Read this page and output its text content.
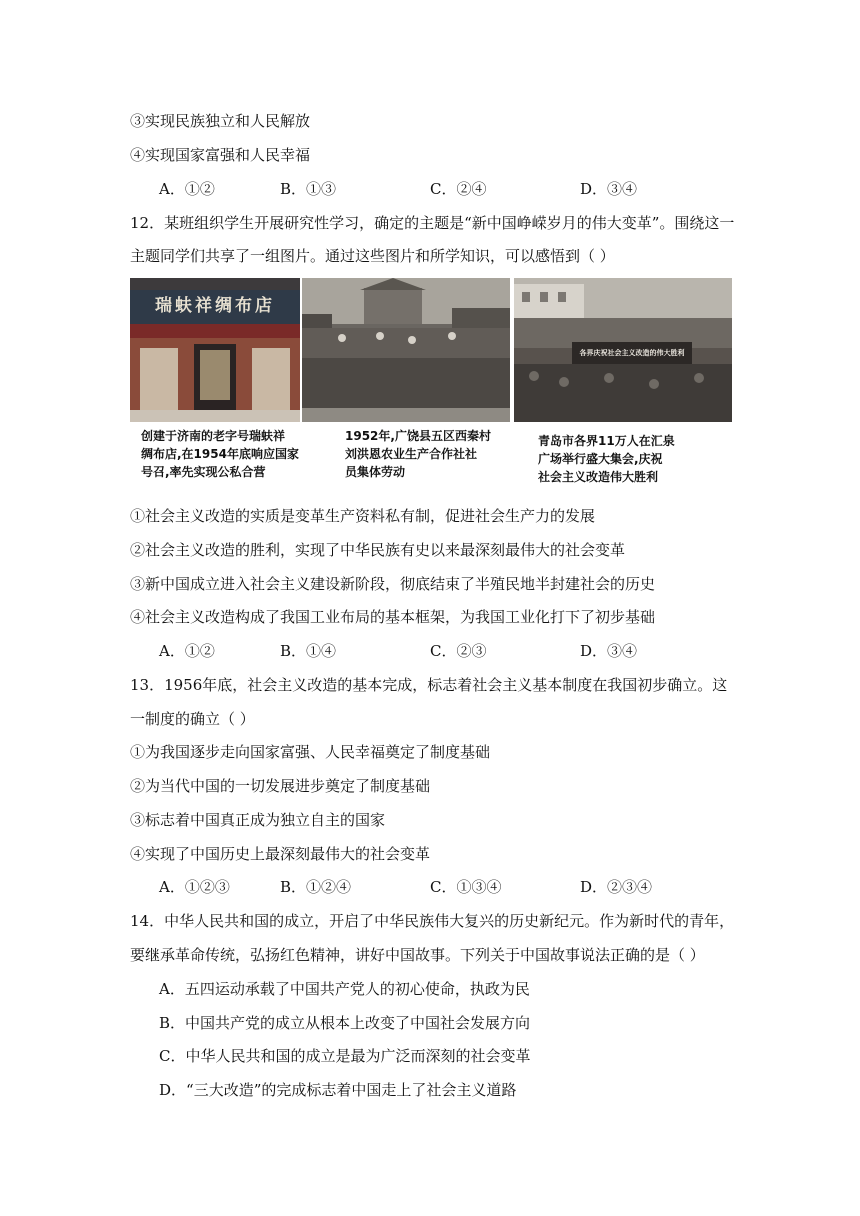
③实现民族独立和人民解放
④实现国家富强和人民幸福
A．①②	B．①③	C．②④	D．③④
12．某班组织学生开展研究性学习，确定的主题是“新中国峥嵘岁月的伟大变革”。围绕这一
主题同学们共享了一组图片。通过这些图片和所学知识，可以感悟到（ ）
瑞蚨祥绸布店
各界庆祝社会主义改造的伟大胜利
创建于济南的老字号瑞蚨祥
绸布店,在1954年底响应国家
号召,率先实现公私合营
1952年,广饶县五区西秦村
刘洪恩农业生产合作社社
员集体劳动
青岛市各界11万人在汇泉
广场举行盛大集会,庆祝
社会主义改造伟大胜利
①社会主义改造的实质是变革生产资料私有制，促进社会生产力的发展
②社会主义改造的胜利，实现了中华民族有史以来最深刻最伟大的社会变革
③新中国成立进入社会主义建设新阶段，彻底结束了半殖民地半封建社会的历史
④社会主义改造构成了我国工业布局的基本框架，为我国工业化打下了初步基础
A．①②	B．①④	C．②③	D．③④
13．1956年底，社会主义改造的基本完成，标志着社会主义基本制度在我国初步确立。这
一制度的确立（ ）
①为我国逐步走向国家富强、人民幸福奠定了制度基础
②为当代中国的一切发展进步奠定了制度基础
③标志着中国真正成为独立自主的国家
④实现了中国历史上最深刻最伟大的社会变革
A．①②③	B．①②④	C．①③④	D．②③④
14．中华人民共和国的成立，开启了中华民族伟大复兴的历史新纪元。作为新时代的青年，
要继承革命传统，弘扬红色精神，讲好中国故事。下列关于中国故事说法正确的是（ ）
A．五四运动承载了中国共产党人的初心使命，执政为民
B．中国共产党的成立从根本上改变了中国社会发展方向
C．中华人民共和国的成立是最为广泛而深刻的社会变革
D．“三大改造”的完成标志着中国走上了社会主义道路
